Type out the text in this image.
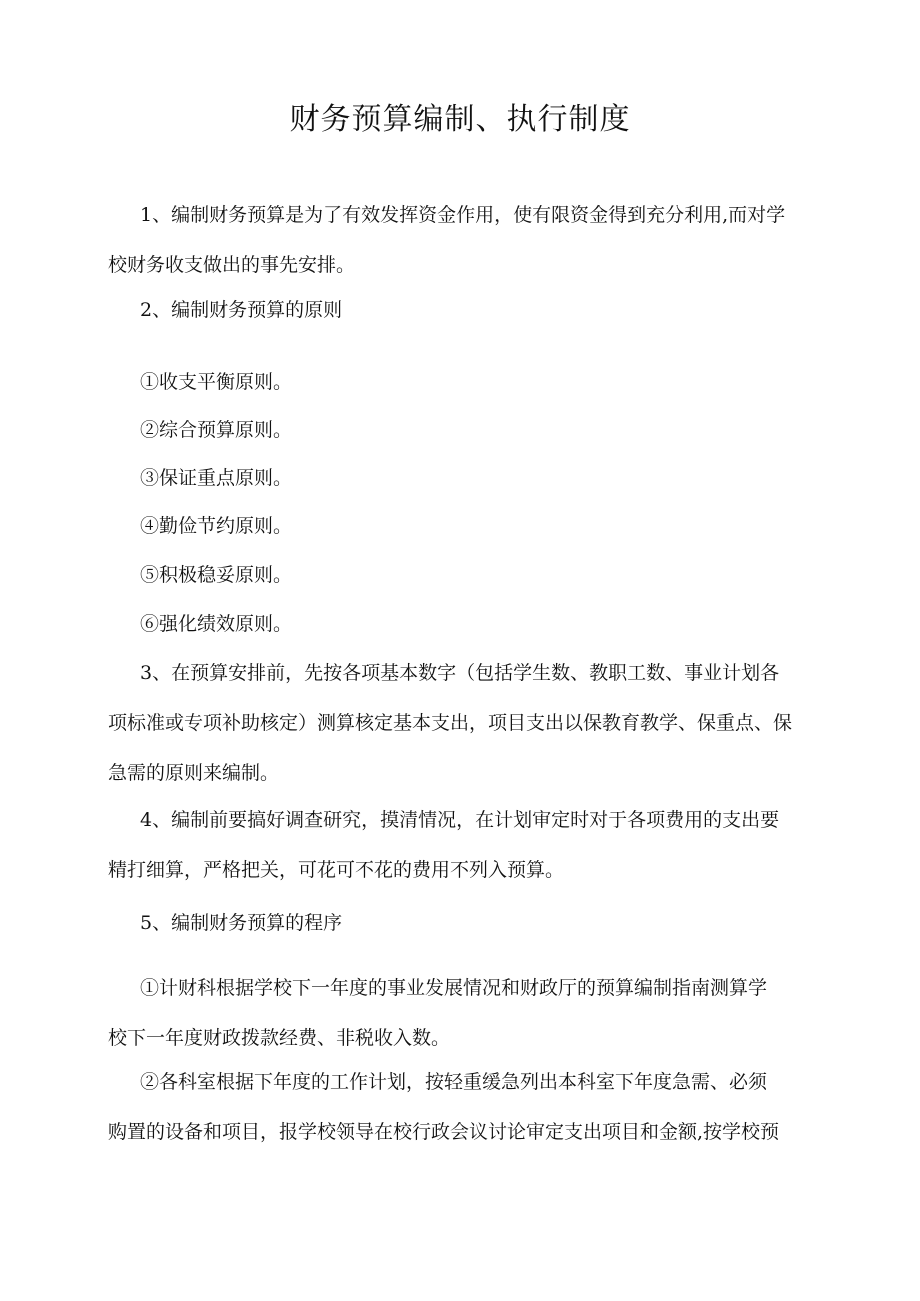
财务预算编制、执行制度

1、编制财务预算是为了有效发挥资金作用，使有限资金得到充分利用,而对学
校财务收支做出的事先安排。

2、编制财务预算的原则

①收支平衡原则。

②综合预算原则。

③保证重点原则。

④勤俭节约原则。

⑤积极稳妥原则。

⑥强化绩效原则。

3、在预算安排前，先按各项基本数字（包括学生数、教职工数、事业计划各
项标准或专项补助核定）测算核定基本支出，项目支出以保教育教学、保重点、保
急需的原则来编制。

4、编制前要搞好调查研究，摸清情况，在计划审定时对于各项费用的支出要
精打细算，严格把关，可花可不花的费用不列入预算。

5、编制财务预算的程序

①计财科根据学校下一年度的事业发展情况和财政厅的预算编制指南测算学
校下一年度财政拨款经费、非税收入数。

②各科室根据下年度的工作计划，按轻重缓急列出本科室下年度急需、必须
购置的设备和项目，报学校领导在校行政会议讨论审定支出项目和金额,按学校预
